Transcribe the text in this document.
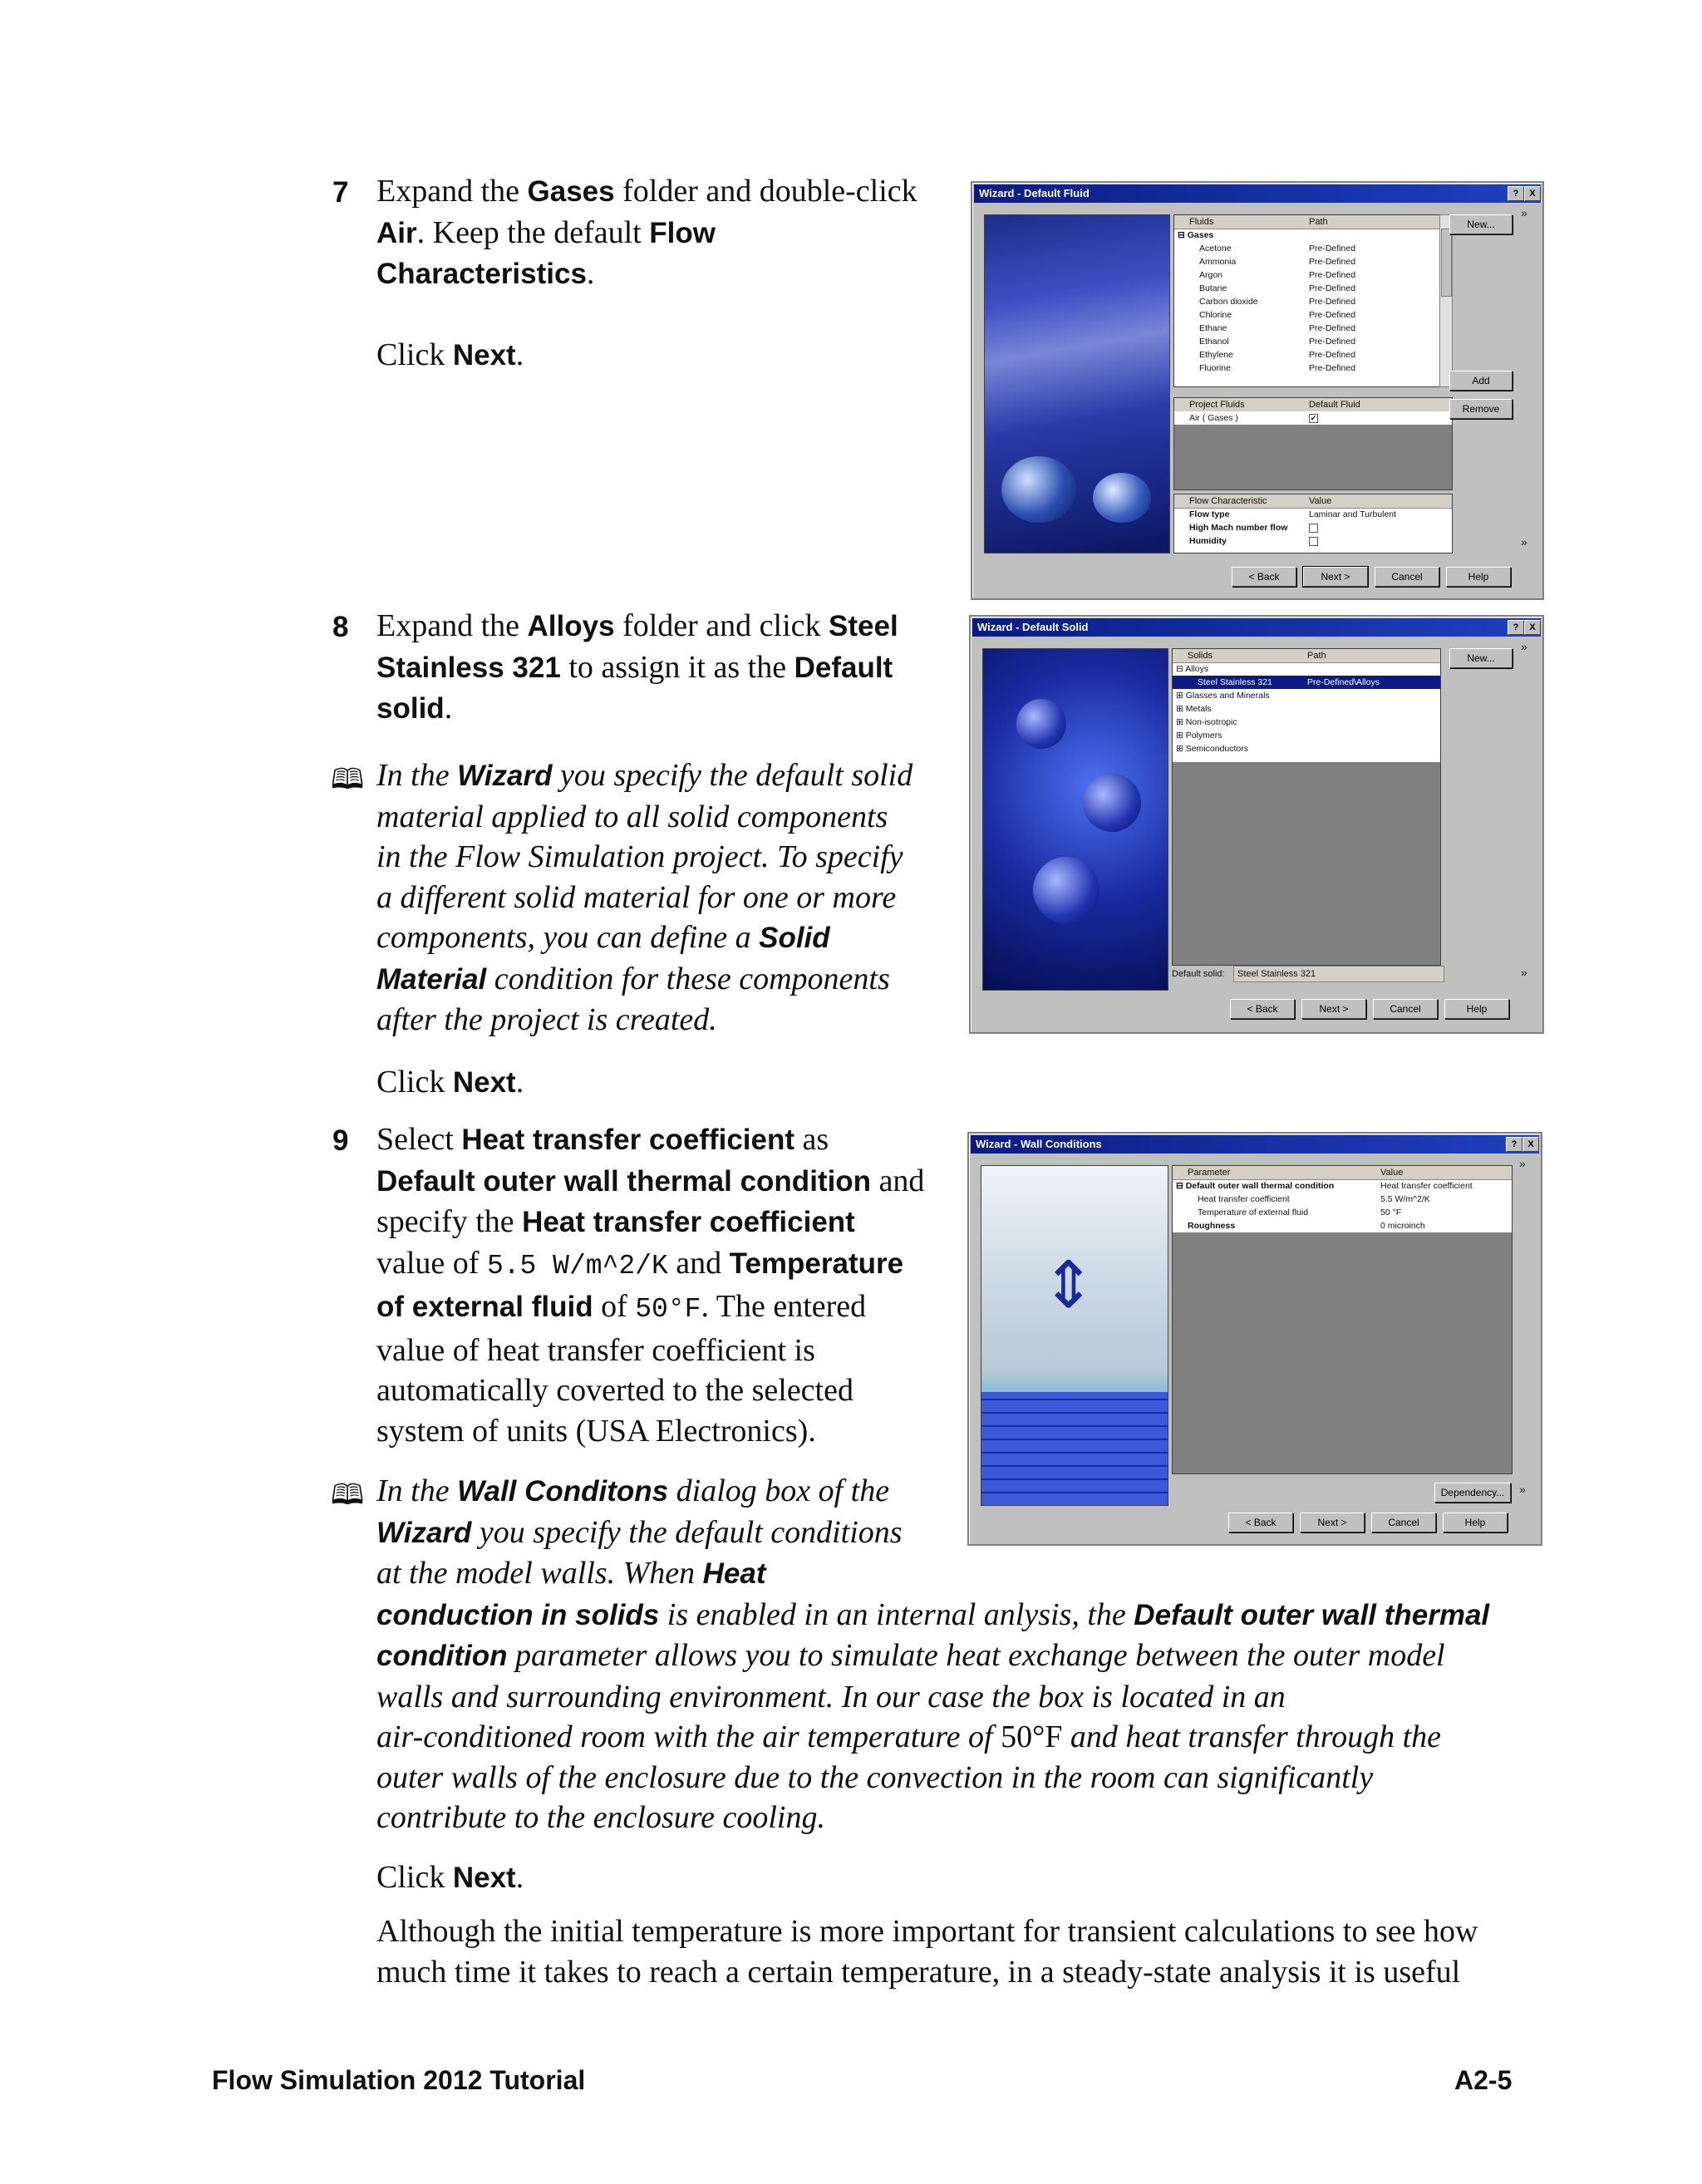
7 Expand the Gases folder and double-click
Air. Keep the default Flow
Characteristics.
Click Next.
Wizard - Default Fluid	?	X
Fluids	Path
⊟ Gases
Acetone	Pre-Defined
Ammonia	Pre-Defined
Argon	Pre-Defined
Butane	Pre-Defined
Carbon dioxide	Pre-Defined
Chlorine	Pre-Defined
Ethane	Pre-Defined
Ethanol	Pre-Defined
Ethylene	Pre-Defined
Fluorine	Pre-Defined
Project Fluids	Default Fluid
Air ( Gases )	✔
Flow Characteristic	Value
Flow type	Laminar and Turbulent
High Mach number flow
Humidity
New...
Add
Remove
»
»
< Back	Next >	Cancel	Help
8 Expand the Alloys folder and click Steel
Stainless 321 to assign it as the Default
solid.
🕮 In the Wizard you specify the default solid
material applied to all solid components
in the Flow Simulation project. To specify
a different solid material for one or more
components, you can define a Solid
Material condition for these components
after the project is created.
Click Next.
Wizard - Default Solid	?	X
Solids	Path
⊟ Alloys
Steel Stainless 321	Pre-Defined\Alloys
⊞ Glasses and Minerals
⊞ Metals
⊞ Non-isotropic
⊞ Polymers
⊞ Semiconductors
Default solid:	Steel Stainless 321
New...
»
»
< Back	Next >	Cancel	Help
9 Select Heat transfer coefficient as
Default outer wall thermal condition and
specify the Heat transfer coefficient
value of 5.5 W/m^2/K and Temperature
of external fluid of 50°F. The entered
value of heat transfer coefficient is
automatically coverted to the selected
system of units (USA Electronics).
Wizard - Wall Conditions	?	X
⇕
Parameter	Value
⊟ Default outer wall thermal condition	Heat transfer coefficient
Heat transfer coefficient	5.5 W/m^2/K
Temperature of external fluid	50 °F
Roughness	0 microinch
Dependency...
»
»
< Back	Next >	Cancel	Help
🕮 In the Wall Conditons dialog box of the
Wizard you specify the default conditions
at the model walls. When Heat
conduction in solids is enabled in an internal anlysis, the Default outer wall thermal
condition parameter allows you to simulate heat exchange between the outer model
walls and surrounding environment. In our case the box is located in an
air-conditioned room with the air temperature of 50°F and heat transfer through the
outer walls of the enclosure due to the convection in the room can significantly
contribute to the enclosure cooling.
Click Next.
Although the initial temperature is more important for transient calculations to see how
much time it takes to reach a certain temperature, in a steady-state analysis it is useful
Flow Simulation 2012 Tutorial	A2-5
